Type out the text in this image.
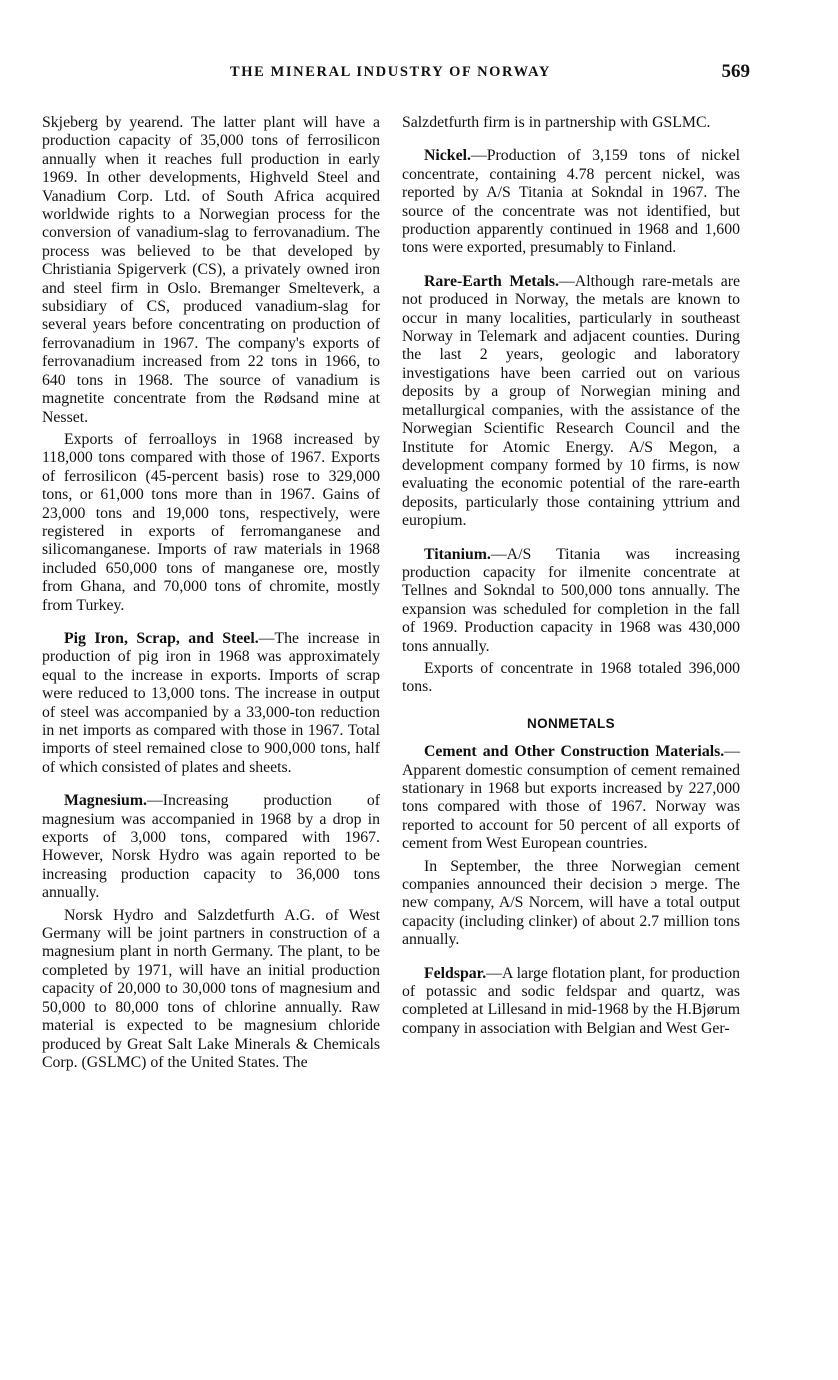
THE MINERAL INDUSTRY OF NORWAY	569

Skjeberg by yearend. The latter plant will have a production capacity of 35,000 tons of ferrosilicon annually when it reaches full production in early 1969. In other developments, Highveld Steel and Vanadium Corp. Ltd. of South Africa acquired worldwide rights to a Norwegian process for the conversion of vanadium-slag to ferrovanadium. The process was believed to be that developed by Christiania Spigerverk (CS), a privately owned iron and steel firm in Oslo. Bremanger Smelteverk, a subsidiary of CS, produced vanadium-slag for several years before concentrating on production of ferrovanadium in 1967. The company's exports of ferrovanadium increased from 22 tons in 1966, to 640 tons in 1968. The source of vanadium is magnetite concentrate from the Rødsand mine at Nesset.

Exports of ferroalloys in 1968 increased by 118,000 tons compared with those of 1967. Exports of ferrosilicon (45-percent basis) rose to 329,000 tons, or 61,000 tons more than in 1967. Gains of 23,000 tons and 19,000 tons, respectively, were registered in exports of ferromanganese and silicomanganese. Imports of raw materials in 1968 included 650,000 tons of manganese ore, mostly from Ghana, and 70,000 tons of chromite, mostly from Turkey.

Pig Iron, Scrap, and Steel.—The increase in production of pig iron in 1968 was approximately equal to the increase in exports. Imports of scrap were reduced to 13,000 tons. The increase in output of steel was accompanied by a 33,000-ton reduction in net imports as compared with those in 1967. Total imports of steel remained close to 900,000 tons, half of which consisted of plates and sheets.

Magnesium.—Increasing production of magnesium was accompanied in 1968 by a drop in exports of 3,000 tons, compared with 1967. However, Norsk Hydro was again reported to be increasing production capacity to 36,000 tons annually.

Norsk Hydro and Salzdetfurth A.G. of West Germany will be joint partners in construction of a magnesium plant in north Germany. The plant, to be completed by 1971, will have an initial production capacity of 20,000 to 30,000 tons of magnesium and 50,000 to 80,000 tons of chlorine annually. Raw material is expected to be magnesium chloride produced by Great Salt Lake Minerals & Chemicals Corp. (GSLMC) of the United States. The

Salzdetfurth firm is in partnership with GSLMC.

Nickel.—Production of 3,159 tons of nickel concentrate, containing 4.78 percent nickel, was reported by A/S Titania at Sokndal in 1967. The source of the concentrate was not identified, but production apparently continued in 1968 and 1,600 tons were exported, presumably to Finland.

Rare-Earth Metals.—Although rare-metals are not produced in Norway, the metals are known to occur in many localities, particularly in southeast Norway in Telemark and adjacent counties. During the last 2 years, geologic and laboratory investigations have been carried out on various deposits by a group of Norwegian mining and metallurgical companies, with the assistance of the Norwegian Scientific Research Council and the Institute for Atomic Energy. A/S Megon, a development company formed by 10 firms, is now evaluating the economic potential of the rare-earth deposits, particularly those containing yttrium and europium.

Titanium.—A/S Titania was increasing production capacity for ilmenite concentrate at Tellnes and Sokndal to 500,000 tons annually. The expansion was scheduled for completion in the fall of 1969. Production capacity in 1968 was 430,000 tons annually.

Exports of concentrate in 1968 totaled 396,000 tons.

NONMETALS

Cement and Other Construction Materials.—Apparent domestic consumption of cement remained stationary in 1968 but exports increased by 227,000 tons compared with those of 1967. Norway was reported to account for 50 percent of all exports of cement from West European countries.

In September, the three Norwegian cement companies announced their decision ɔ merge. The new company, A/S Norcem, will have a total output capacity (including clinker) of about 2.7 million tons annually.

Feldspar.—A large flotation plant, for production of potassic and sodic feldspar and quartz, was completed at Lillesand in mid-1968 by the H.Bjørum company in association with Belgian and West Ger-
